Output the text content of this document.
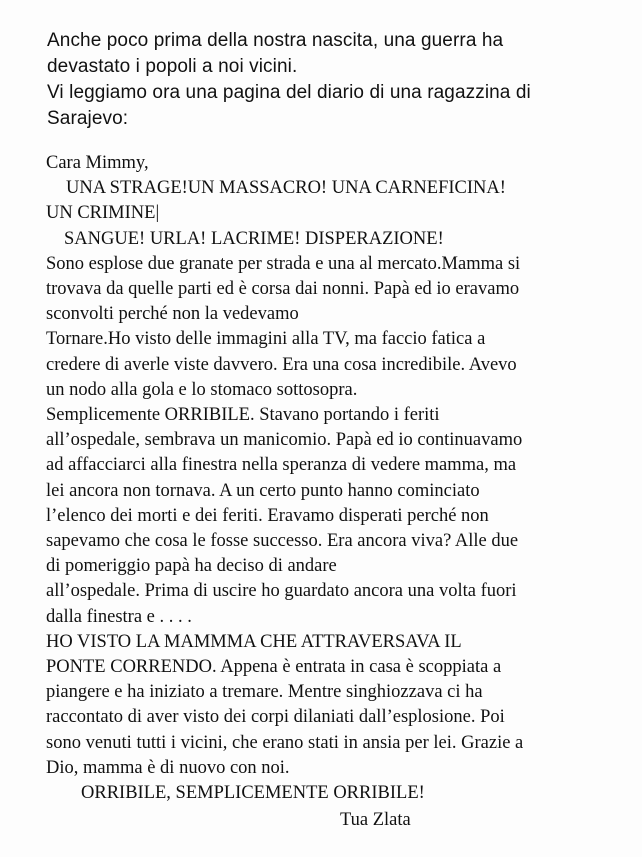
Anche poco prima della nostra nascita, una guerra ha
devastato i popoli a noi vicini.
Vi leggiamo ora una pagina del diario di una ragazzina di
Sarajevo:
Cara Mimmy,
UNA STRAGE!UN MASSACRO! UNA CARNEFICINA!
UN CRIMINE|
SANGUE! URLA! LACRIME! DISPERAZIONE!
Sono esplose due granate per strada e una al mercato.Mamma si
trovava da quelle parti ed è corsa dai nonni. Papà ed io eravamo
sconvolti perché non la vedevamo
Tornare.Ho visto delle immagini alla TV, ma faccio fatica a
credere di averle viste davvero. Era una cosa incredibile. Avevo
un nodo alla gola e lo stomaco sottosopra.
Semplicemente ORRIBILE. Stavano portando i feriti
all’ospedale, sembrava un manicomio. Papà ed io continuavamo
ad affacciarci alla finestra nella speranza di vedere mamma, ma
lei ancora non tornava. A un certo punto hanno cominciato
l’elenco dei morti e dei feriti. Eravamo disperati perché non
sapevamo che cosa le fosse successo. Era ancora viva? Alle due
di pomeriggio papà ha deciso di andare
all’ospedale. Prima di uscire ho guardato ancora una volta fuori
dalla finestra e . . . .
HO VISTO LA MAMMMA CHE ATTRAVERSAVA IL
PONTE CORRENDO. Appena è entrata in casa è scoppiata a
piangere e ha iniziato a tremare. Mentre singhiozzava ci ha
raccontato di aver visto dei corpi dilaniati dall’esplosione. Poi
sono venuti tutti i vicini, che erano stati in ansia per lei. Grazie a
Dio, mamma è di nuovo con noi.
ORRIBILE, SEMPLICEMENTE ORRIBILE!
Tua Zlata
